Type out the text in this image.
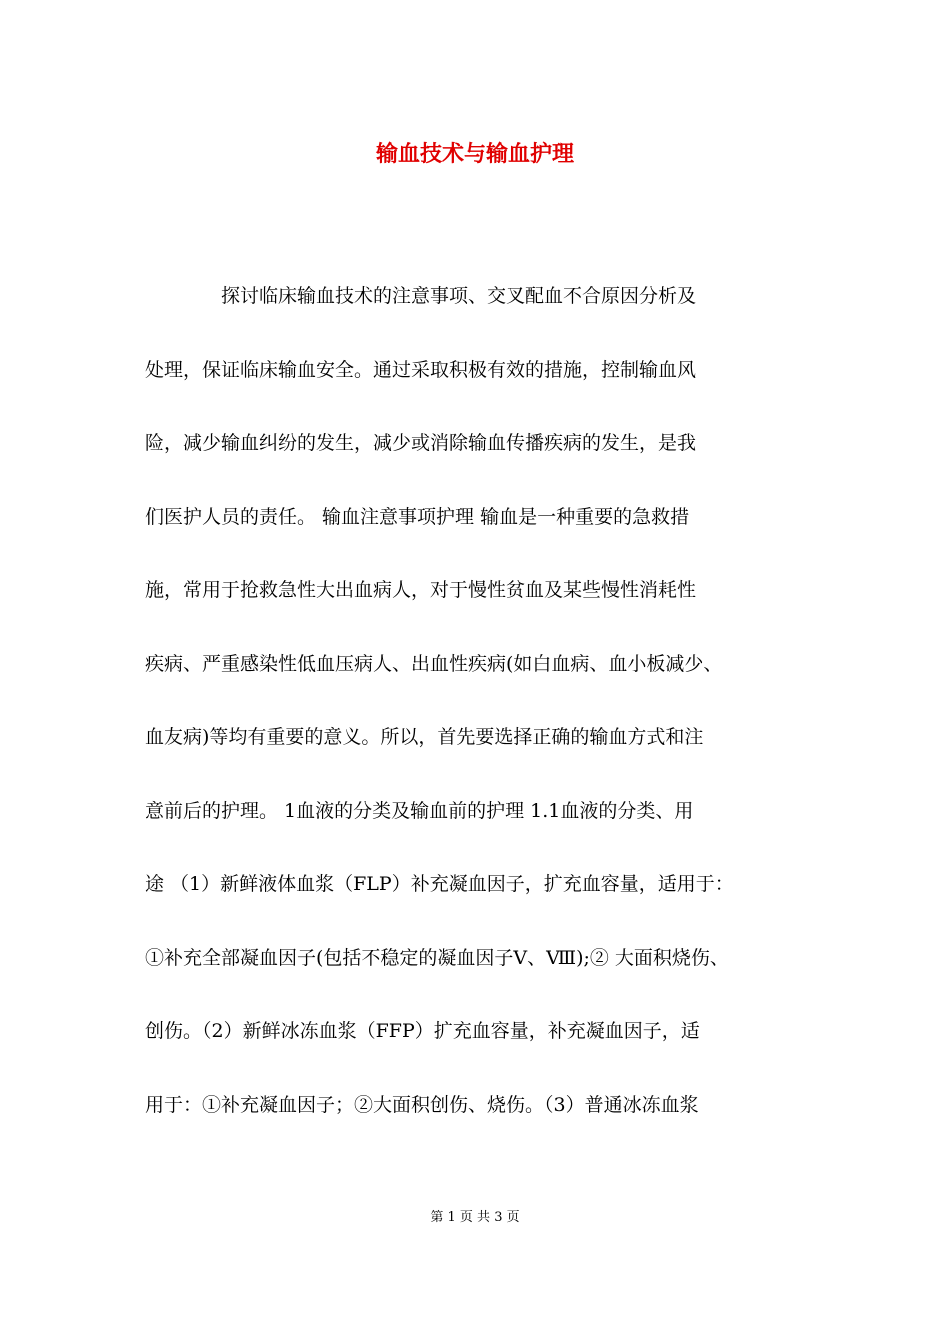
输血技术与输血护理
　　　　探讨临床输血技术的注意事项、交叉配血不合原因分析及
处理，保证临床输血安全。通过采取积极有效的措施，控制输血风
险，减少输血纠纷的发生，减少或消除输血传播疾病的发生，是我
们医护人员的责任。 输血注意事项护理 输血是一种重要的急救措
施，常用于抢救急性大出血病人，对于慢性贫血及某些慢性消耗性
疾病、严重感染性低血压病人、出血性疾病(如白血病、血小板减少、
血友病)等均有重要的意义。所以，首先要选择正确的输血方式和注
意前后的护理。 1血液的分类及输血前的护理 1.1血液的分类、用
途 （1）新鲜液体血浆（FLP）补充凝血因子，扩充血容量，适用于：
①补充全部凝血因子(包括不稳定的凝血因子Ⅴ、Ⅷ);② 大面积烧伤、
创伤。（2）新鲜冰冻血浆（FFP）扩充血容量，补充凝血因子，适
用于：①补充凝血因子；②大面积创伤、烧伤。（3）普通冰冻血浆
第 1 页 共 3 页
